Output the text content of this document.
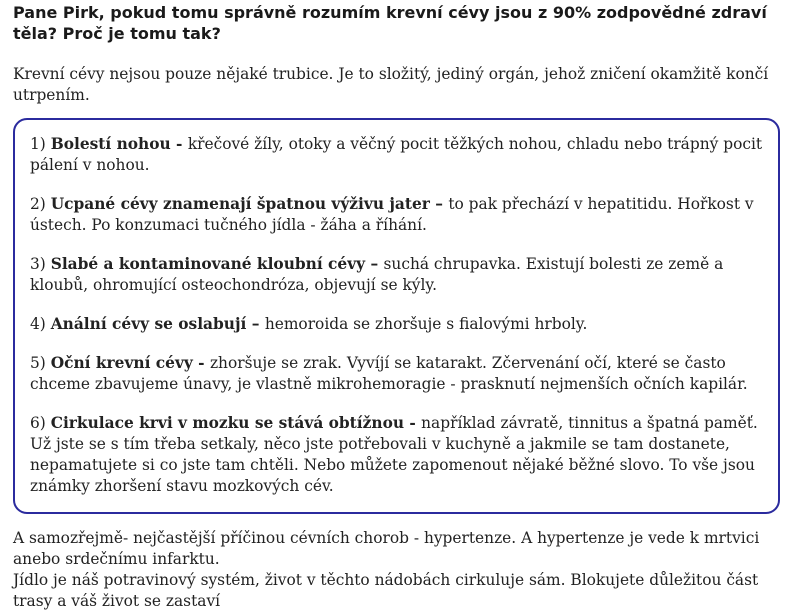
Pane Pirk, pokud tomu správně rozumím krevní cévy jsou z 90% zodpovědné zdraví těla? Proč je tomu tak?

Krevní cévy nejsou pouze nějaké trubice. Je to složitý, jediný orgán, jehož zničení okamžitě končí utrpením.

1) Bolestí nohou - křečové žíly, otoky a věčný pocit těžkých nohou, chladu nebo trápný pocit pálení v nohou.

2) Ucpané cévy znamenají špatnou výživu jater – to pak přechází v hepatitidu. Hořkost v ústech. Po konzumaci tučného jídla - žáha a říhání.

3) Slabé a kontaminované kloubní cévy – suchá chrupavka. Existují bolesti ze země a kloubů, ohromující osteochondróza, objevují se kýly.

4) Anální cévy se oslabují – hemoroida se zhoršuje s fialovými hrboly.

5) Oční krevní cévy - zhoršuje se zrak. Vyvíjí se katarakt. Zčervenání očí, které se často chceme zbavujeme únavy, je vlastně mikrohemoragie - prasknutí nejmenších očních kapilár.

6) Cirkulace krvi v mozku se stává obtížnou - například závratě, tinnitus a špatná paměť. Už jste se s tím třeba setkaly, něco jste potřebovali v kuchyně a jakmile se tam dostanete, nepamatujete si co jste tam chtěli. Nebo můžete zapomenout nějaké běžné slovo. To vše jsou známky zhoršení stavu mozkových cév.

A samozřejmě- nejčastější příčinou cévních chorob - hypertenze. A hypertenze je vede k mrtvici anebo srdečnímu infarktu.

Jídlo je náš potravinový systém, život v těchto nádobách cirkuluje sám. Blokujete důležitou část trasy a váš život se zastaví
